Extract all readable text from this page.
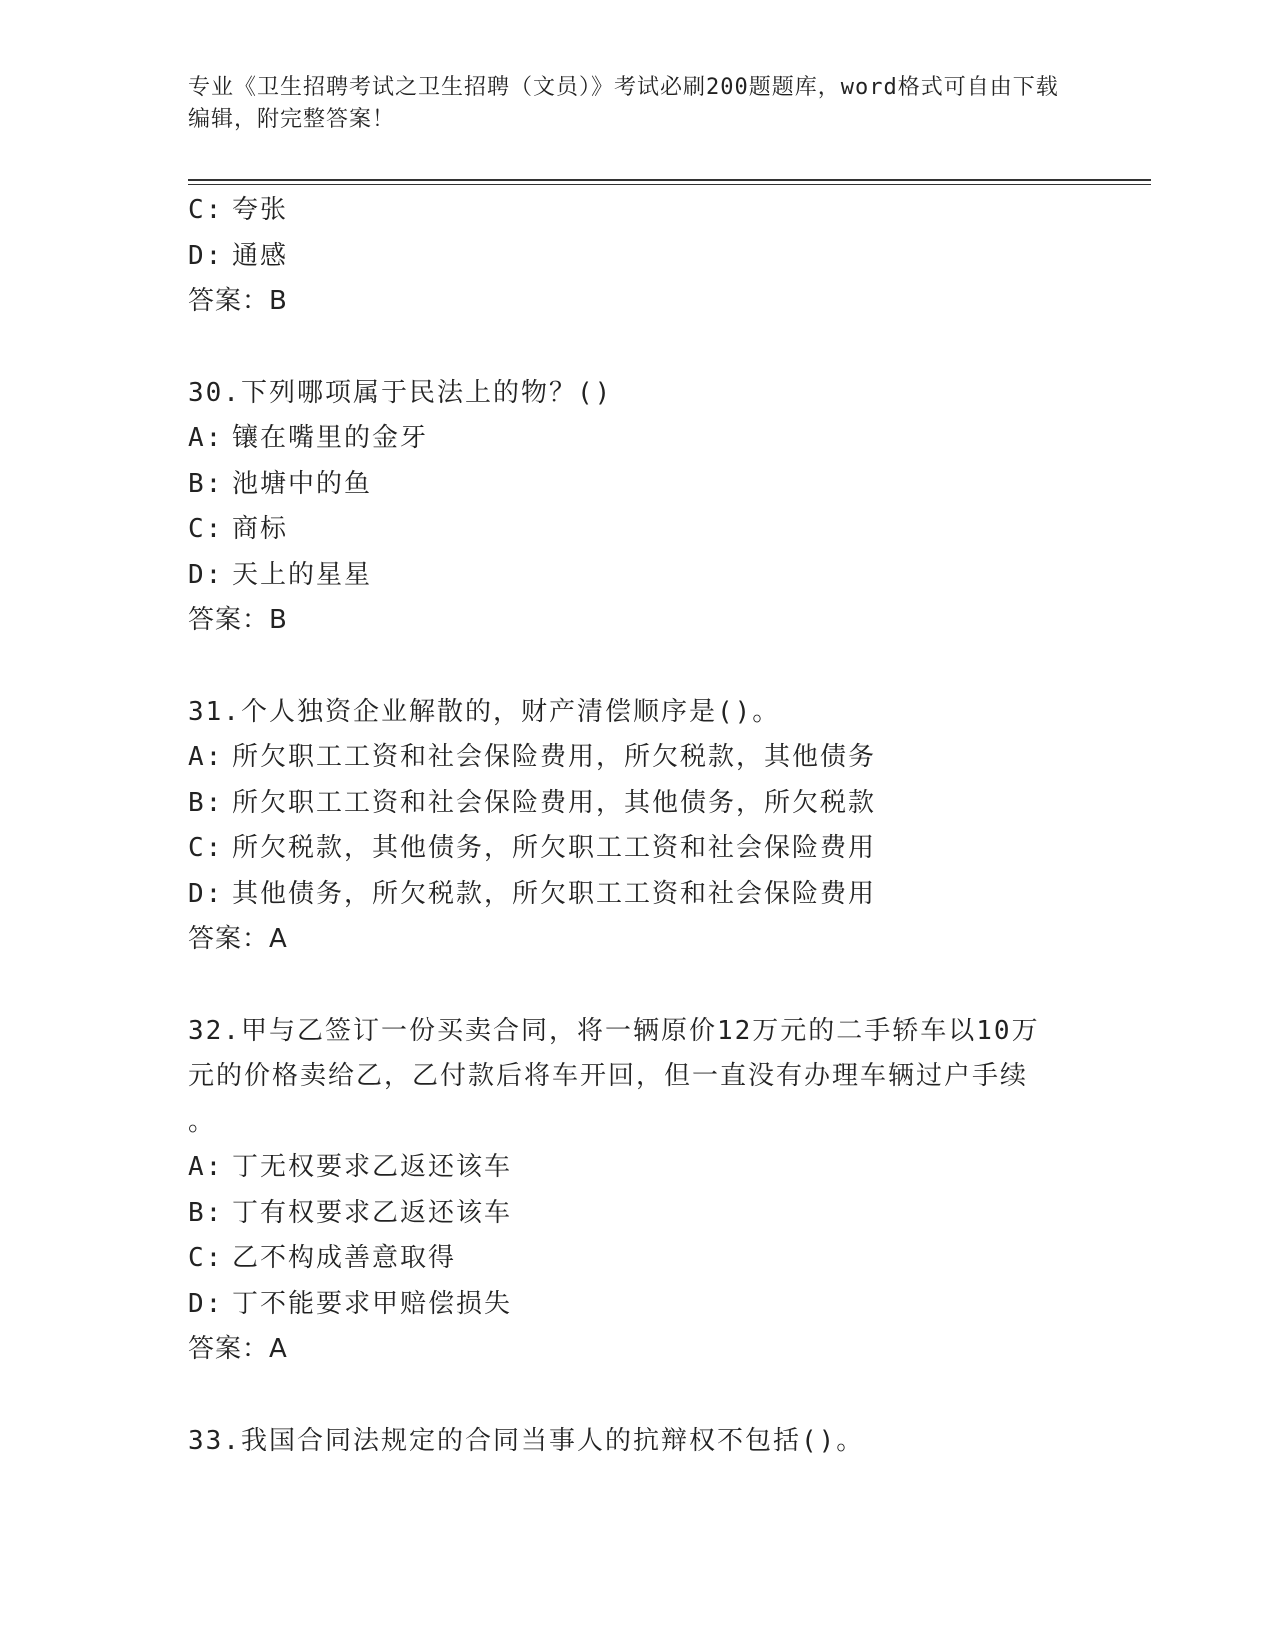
专业《卫生招聘考试之卫生招聘（文员）》考试必刷200题题库，word格式可自由下载编辑，附完整答案！
C: 夸张
D: 通感
答案：B
30.下列哪项属于民法上的物？()
A: 镶在嘴里的金牙
B: 池塘中的鱼
C: 商标
D: 天上的星星
答案：B
31.个人独资企业解散的，财产清偿顺序是()。
A: 所欠职工工资和社会保险费用，所欠税款，其他债务
B: 所欠职工工资和社会保险费用，其他债务，所欠税款
C: 所欠税款，其他债务，所欠职工工资和社会保险费用
D: 其他债务，所欠税款，所欠职工工资和社会保险费用
答案：A
32.甲与乙签订一份买卖合同，将一辆原价12万元的二手轿车以10万
元的价格卖给乙，乙付款后将车开回，但一直没有办理车辆过户手续
。
A: 丁无权要求乙返还该车
B: 丁有权要求乙返还该车
C: 乙不构成善意取得
D: 丁不能要求甲赔偿损失
答案：A
33.我国合同法规定的合同当事人的抗辩权不包括()。
